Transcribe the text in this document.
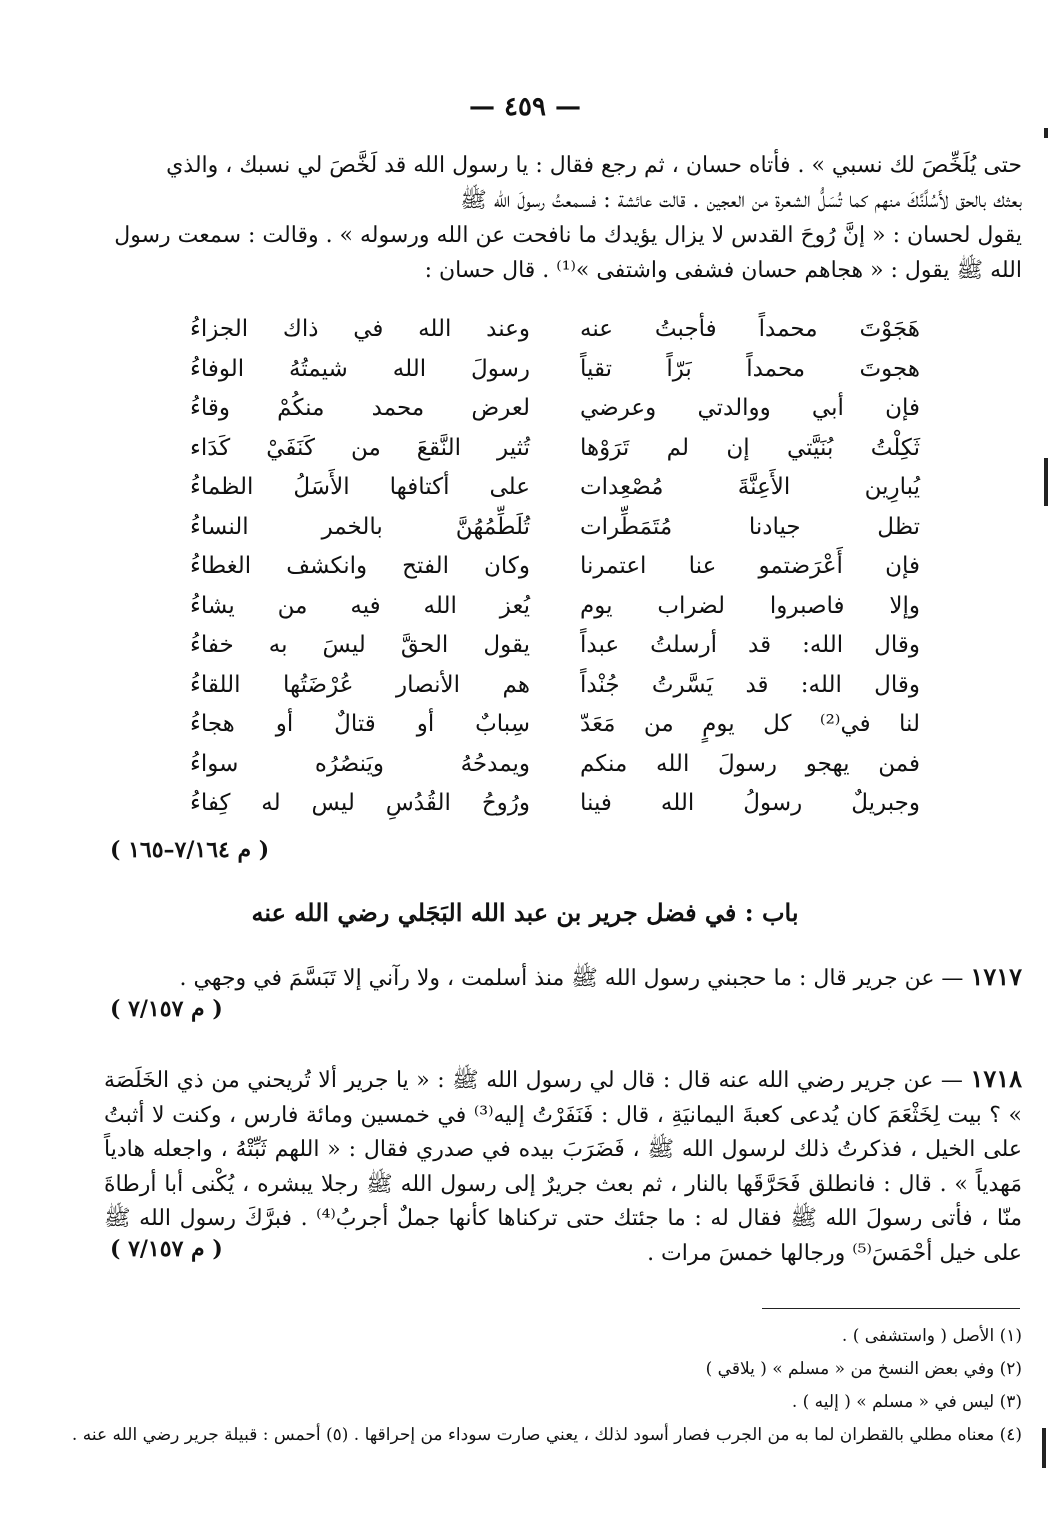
— ٤٥٩ —

حتى يُلَخِّصَ لك نسبي » . فأتاه حسان ، ثم رجع فقال : يا رسول الله قد لَخَّصَ لي نسبك ، والذي

بعثك بالحق لأَسُلَّنَّكَ منهم كما تُسَلُّ الشعرة من العجين . قالت عائشة : فسمعتُ رسولَ الله ﷺ

يقول لحسان : « إنَّ رُوحَ القدس لا يزال يؤيدك ما نافحت عن الله ورسوله » . وقالت : سمعت رسول

الله ﷺ يقول : « هجاهم حسان فشفى واشتفى »⁽¹⁾ . قال حسان :

هَجَوْتَ محمداً فأجبتُ عنه
وعند الله في ذاك الجزاءُ
هجوتَ محمداً بَرّاً تقياً
رسولَ الله شيمتُهُ الوفاءُ
فإن أبي ووالدتي وعرضي
لعرض محمد منكُمْ وقاءُ
ثَكِلْتُ بُنَيَّتي إن لم تَرَوْها
تُثير النَّقعَ من كَنَفَيْ كَدَاء
يُبارِين الأَعِنَّةَ مُصْعِدات
على أكتافها الأَسَلُ الظماءُ
تظل جيادنا مُتَمَطِّرات
تُلَطِّمُهُنَّ بالخمر النساءُ
فإن أَعْرَضتمو عنا اعتمرنا
وكان الفتح وانكشف الغطاءُ
وإلا فاصبروا لضراب يوم
يُعز الله فيه من يشاءُ
وقال الله: قد أرسلتُ عبداً
يقول الحقَّ ليسَ به خفاءُ
وقال الله: قد يَسَّرتُ جُنْداً
هم الأنصار عُرْضَتُها اللقاءُ
لنا في⁽²⁾ كل يومٍ من مَعَدّ
سِبابٌ أو قتالٌ أو هجاءُ
فمن يهجو رسولَ الله منكم
ويمدحُهُ ويَنصُرُه سواءُ
وجبريلٌ رسولُ الله فينا
ورُوحُ القُدُسِ ليس له كِفاءُ
( م ٧/١٦٤–١٦٥ )
باب : في فضل جرير بن عبد الله البَجَلي رضي الله عنه

١٧١٧ — عن جرير قال : ما حجبني رسول الله ﷺ منذ أسلمت ، ولا رآني إلا تَبَسَّمَ في وجهي .

( م ٧/١٥٧ )

١٧١٨ — عن جرير رضي الله عنه قال : قال لي رسول الله ﷺ : « يا جرير ألا تُريحني من ذي الخَلَصَة » ؟ بيت لِخَثْعَمَ كان يُدعى كعبةَ اليمانيَةِ ، قال : فَنَفَرْتُ إليه⁽³⁾ في خمسين ومائة فارس ، وكنت لا أثبتُ على الخيل ، فذكرتُ ذلك لرسول الله ﷺ ، فَضَرَبَ بيده في صدري فقال : « اللهم ثَبِّتْهُ ، واجعله هادياً مَهدياً » . قال : فانطلق فَحَرَّقَها بالنار ، ثم بعث جريرٌ إلى رسول الله ﷺ رجلا يبشره ، يُكْنى أبا أرطاةَ منّا ، فأتى رسولَ الله ﷺ فقال له : ما جئتك حتى تركناها كأنها جملٌ أجربُ⁽⁴⁾ . فبرَّكَ رسول الله ﷺ على خيل أحْمَسَ⁽⁵⁾ ورجالها خمسَ مرات .

( م ٧/١٥٧ )
(١) الأصل ( واستشفى ) .
(٢) وفي بعض النسخ من « مسلم » ( يلاقي )
(٣) ليس في « مسلم » ( إليه ) .
(٤) معناه مطلي بالقطران لما به من الجرب فصار أسود لذلك ، يعني صارت سوداء من إحراقها . (٥) أحمس : قبيلة جرير رضي الله عنه .
